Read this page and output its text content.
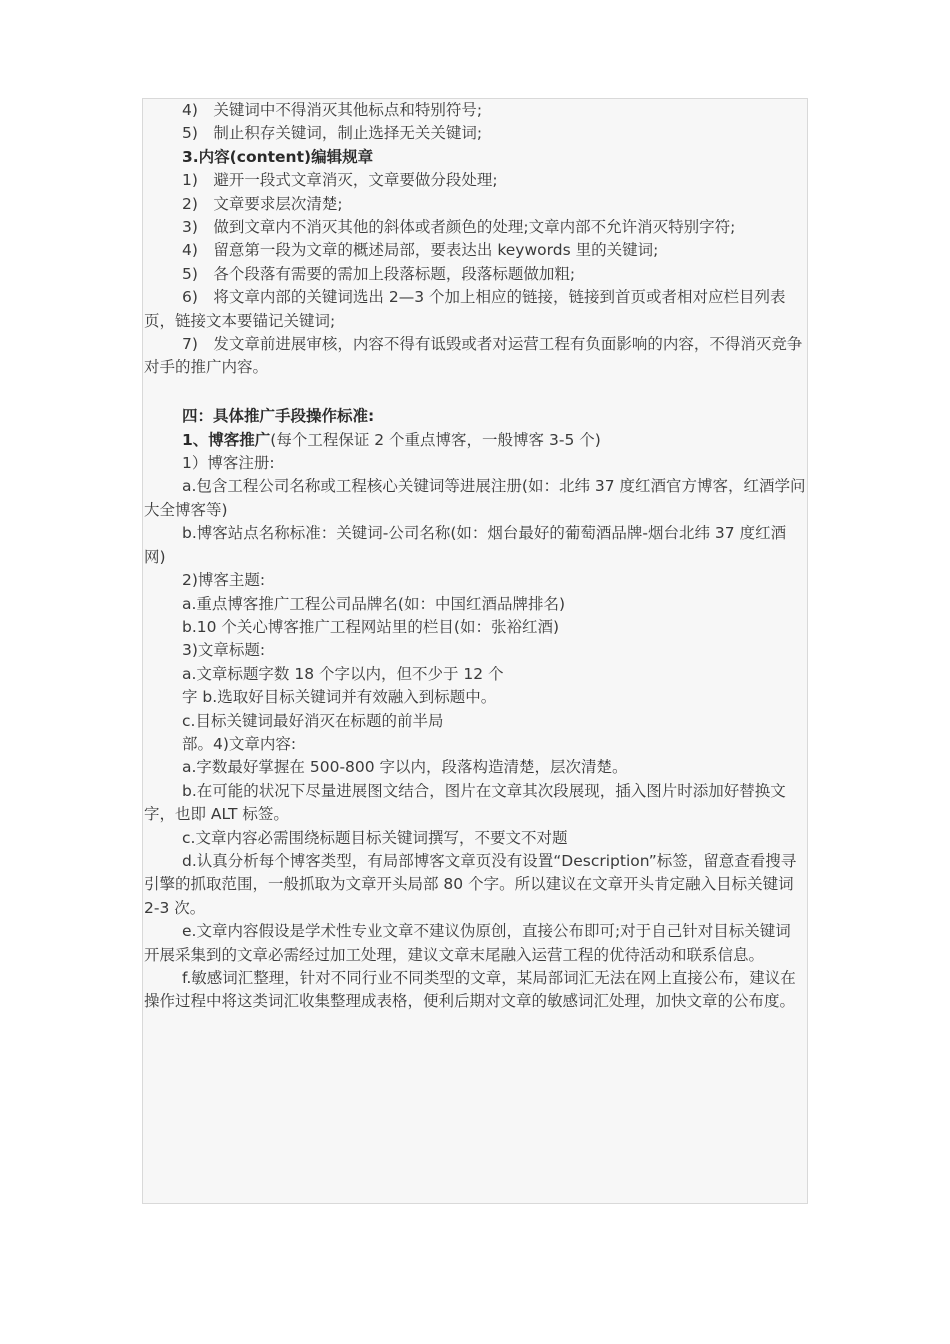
4)　关键词中不得消灭其他标点和特别符号;

5)　制止积存关键词，制止选择无关关键词;

3.内容(content)编辑规章

1)　避开一段式文章消灭，文章要做分段处理;

2)　文章要求层次清楚;

3)　做到文章内不消灭其他的斜体或者颜色的处理;文章内部不允许消灭特别字符;

4)　留意第一段为文章的概述局部，要表达出 keywords 里的关键词;

5)　各个段落有需要的需加上段落标题，段落标题做加粗;

6)　将文章内部的关键词选出 2—3 个加上相应的链接，链接到首页或者相对应栏目列表页，链接文本要锚记关键词;

7)　发文章前进展审核，内容不得有诋毁或者对运营工程有负面影响的内容，不得消灭竞争对手的推广内容。

四：具体推广手段操作标准:

1、博客推广(每个工程保证 2 个重点博客，一般博客 3-5 个)

1）博客注册:

a.包含工程公司名称或工程核心关键词等进展注册(如：北纬 37 度红酒官方博客，红酒学问大全博客等)

b.博客站点名称标准：关键词-公司名称(如：烟台最好的葡萄酒品牌-烟台北纬 37 度红酒网)

2)博客主题:

a.重点博客推广工程公司品牌名(如：中国红酒品牌排名)

b.10 个关心博客推广工程网站里的栏目(如：张裕红酒)

3)文章标题:

a.文章标题字数 18 个字以内，但不少于 12 个

字 b.选取好目标关键词并有效融入到标题中。

c.目标关键词最好消灭在标题的前半局

部。4)文章内容:

a.字数最好掌握在 500-800 字以内，段落构造清楚，层次清楚。

b.在可能的状况下尽量进展图文结合，图片在文章其次段展现，插入图片时添加好替换文字，也即 ALT 标签。

c.文章内容必需围绕标题目标关键词撰写，不要文不对题

d.认真分析每个博客类型，有局部博客文章页没有设置“Description”标签，留意查看搜寻引擎的抓取范围，一般抓取为文章开头局部 80 个字。所以建议在文章开头肯定融入目标关键词 2-3 次。

e.文章内容假设是学术性专业文章不建议伪原创，直接公布即可;对于自己针对目标关键词开展采集到的文章必需经过加工处理，建议文章末尾融入运营工程的优待活动和联系信息。

f.敏感词汇整理，针对不同行业不同类型的文章，某局部词汇无法在网上直接公布，建议在操作过程中将这类词汇收集整理成表格，便利后期对文章的敏感词汇处理，加快文章的公布度。
